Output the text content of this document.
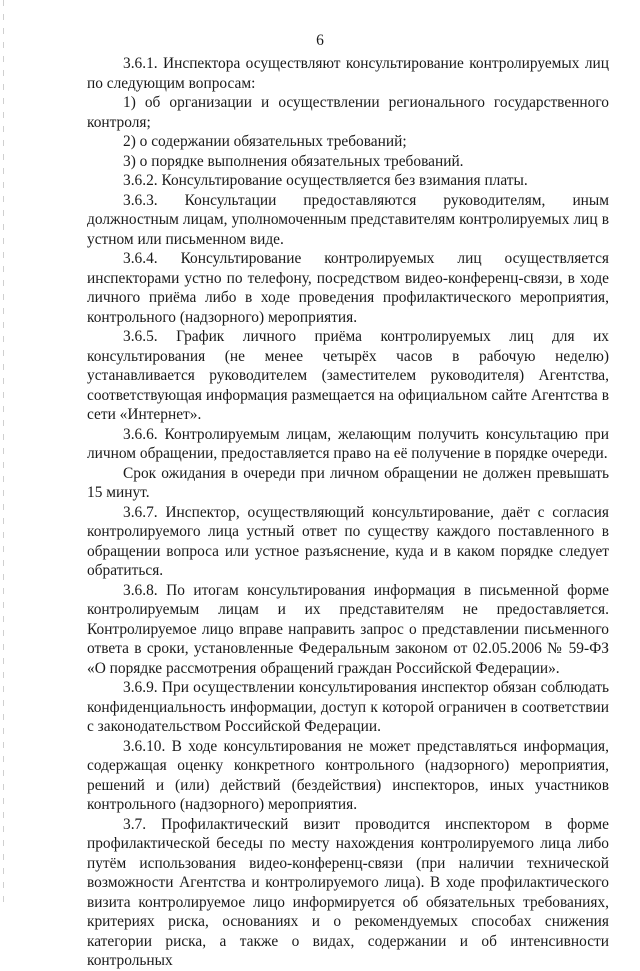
6

3.6.1. Инспектора осуществляют консультирование контролируемых лиц по следующим вопросам:

1) об организации и осуществлении регионального государственного контроля;

2) о содержании обязательных требований;

3) о порядке выполнения обязательных требований.

3.6.2. Консультирование осуществляется без взимания платы.

3.6.3. Консультации предоставляются руководителям, иным должностным лицам, уполномоченным представителям контролируемых лиц в устном или письменном виде.

3.6.4. Консультирование контролируемых лиц осуществляется инспекторами устно по телефону, посредством видео-конференц-связи, в ходе личного приёма либо в ходе проведения профилактического мероприятия, контрольного (надзорного) мероприятия.

3.6.5. График личного приёма контролируемых лиц для их консультирования (не менее четырёх часов в рабочую неделю) устанавливается руководителем (заместителем руководителя) Агентства, соответствующая информация размещается на официальном сайте Агентства в сети «Интернет».

3.6.6. Контролируемым лицам, желающим получить консультацию при личном обращении, предоставляется право на её получение в порядке очереди.

Срок ожидания в очереди при личном обращении не должен превышать 15 минут.

3.6.7. Инспектор, осуществляющий консультирование, даёт с согласия контролируемого лица устный ответ по существу каждого поставленного в обращении вопроса или устное разъяснение, куда и в каком порядке следует обратиться.

3.6.8. По итогам консультирования информация в письменной форме контролируемым лицам и их представителям не предоставляется. Контролируемое лицо вправе направить запрос о представлении письменного ответа в сроки, установленные Федеральным законом от 02.05.2006 № 59-ФЗ «О порядке рассмотрения обращений граждан Российской Федерации».

3.6.9. При осуществлении консультирования инспектор обязан соблюдать конфиденциальность информации, доступ к которой ограничен в соответствии с законодательством Российской Федерации.

3.6.10. В ходе консультирования не может представляться информация, содержащая оценку конкретного контрольного (надзорного) мероприятия, решений и (или) действий (бездействия) инспекторов, иных участников контрольного (надзорного) мероприятия.

3.7. Профилактический визит проводится инспектором в форме профилактической беседы по месту нахождения контролируемого лица либо путём использования видео-конференц-связи (при наличии технической возможности Агентства и контролируемого лица). В ходе профилактического визита контролируемое лицо информируется об обязательных требованиях, критериях риска, основаниях и о рекомендуемых способах снижения категории риска, а также о видах, содержании и об интенсивности контрольных
